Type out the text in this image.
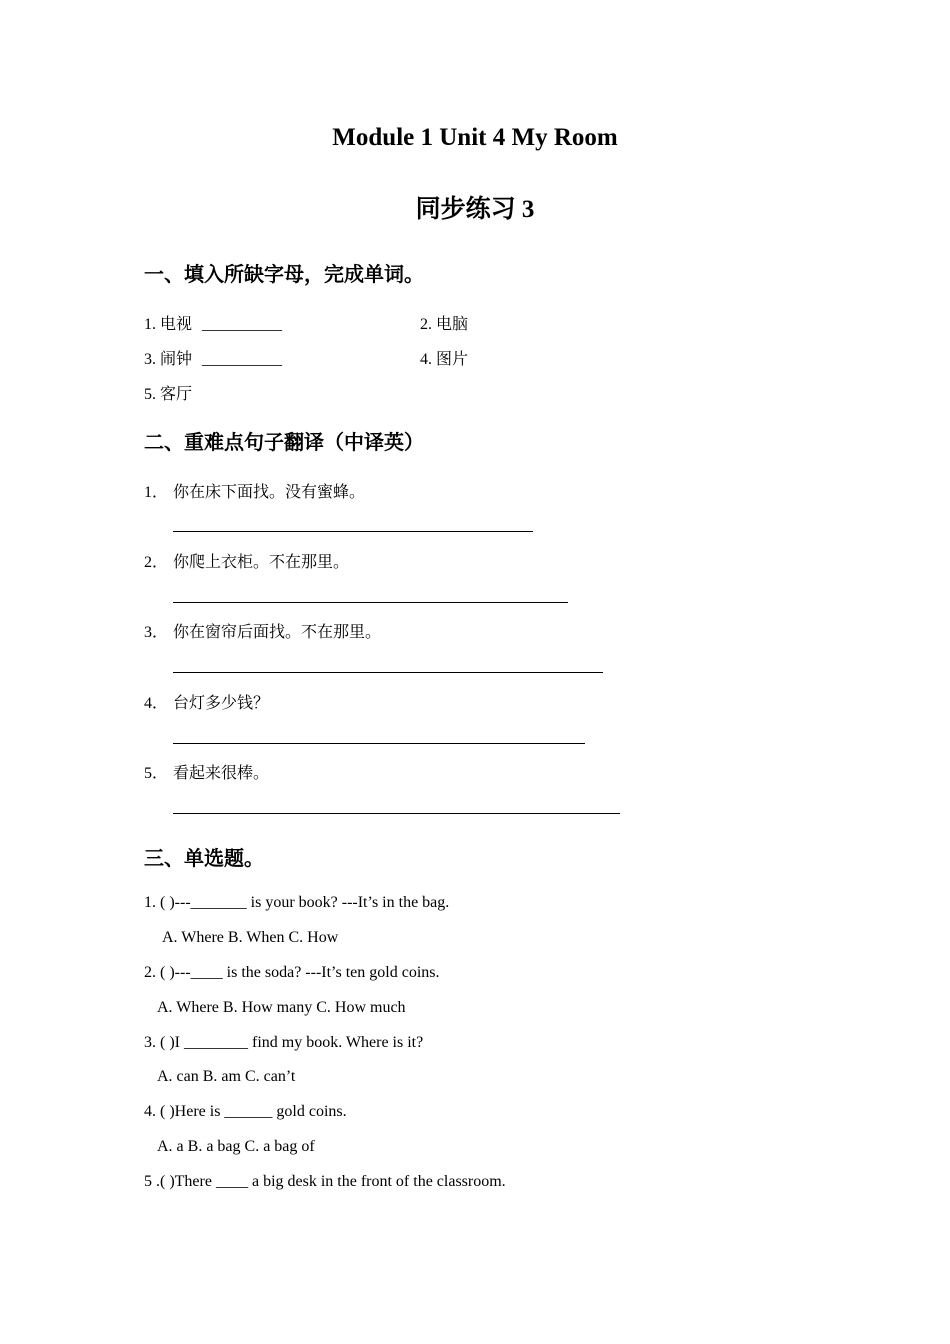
Module 1 Unit 4 My Room
同步练习 3
一、填入所缺字母，完成单词。
1. 电视 __________	2. 电脑
3. 闹钟 __________	4. 图片
5. 客厅
二、重难点句子翻译（中译英）
1． 你在床下面找。没有蜜蜂。
2． 你爬上衣柜。不在那里。
3． 你在窗帘后面找。不在那里。
4． 台灯多少钱？
5． 看起来很棒。
三、单选题。
1. ( )---_______ is your book? ---It’s in the bag.
A. Where B. When C. How
2. ( )---____ is the soda? ---It’s ten gold coins.
A. Where B. How many C. How much
3. ( )I ________ find my book. Where is it?
A. can B. am C. can’t
4. ( )Here is ______ gold coins.
A. a B. a bag C. a bag of
5 .( )There ____ a big desk in the front of the classroom.
